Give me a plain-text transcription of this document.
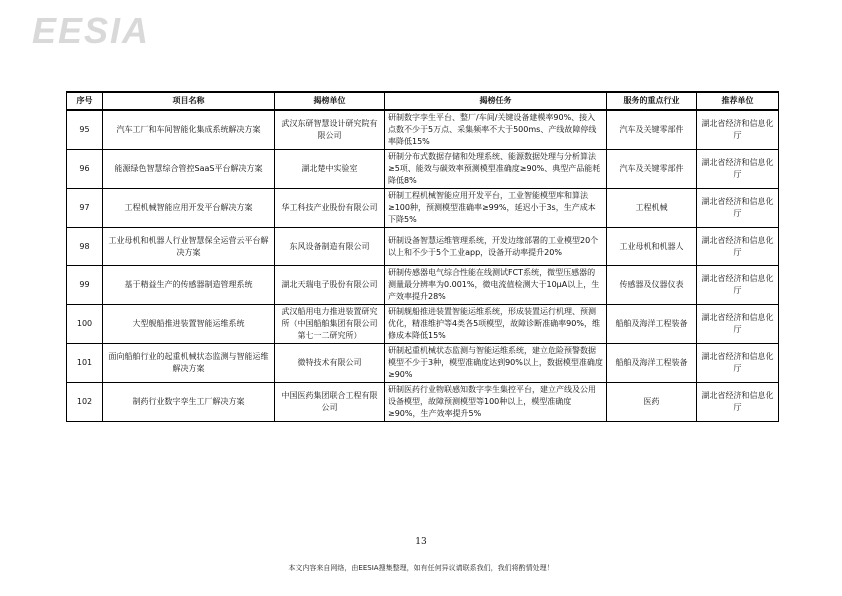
EESIA
序号	项目名称	揭榜单位	揭榜任务	服务的重点行业	推荐单位
95	汽车工厂和车间智能化集成系统解决方案	武汉东研智慧设计研究院有限公司	研制数字孪生平台、整厂/车间/关键设备建模率90%、接入点数不少于5万点、采集频率不大于500ms、产线故障停线率降低15%	汽车及关键零部件	湖北省经济和信息化厅
96	能源绿色智慧综合管控SaaS平台解决方案	湖北楚中实验室	研制分布式数据存储和处理系统、能源数据处理与分析算法≥5项、能效与碳效率预测模型准确度≥90%、典型产品能耗降低8%	汽车及关键零部件	湖北省经济和信息化厅
97	工程机械智能应用开发平台解决方案	华工科技产业股份有限公司	研制工程机械智能应用开发平台，工业智能模型库和算法≥100种，预测模型准确率≥99%，延迟小于3s，生产成本下降5%	工程机械	湖北省经济和信息化厅
98	工业母机和机器人行业智慧保全运营云平台解决方案	东风设备制造有限公司	研制设备智慧运维管理系统，开发边缘部署的工业模型20个以上和不少于5个工业app，设备开动率提升20%	工业母机和机器人	湖北省经济和信息化厅
99	基于精益生产的传感器制造管理系统	湖北天瑞电子股份有限公司	研制传感器电气综合性能在线测试FCT系统，微型压感器的测量最分辨率为0.001%，微电流值检测大于10μA以上，生产效率提升28%	传感器及仪器仪表	湖北省经济和信息化厅
100	大型舰船推进装置智能运维系统	武汉船用电力推进装置研究所（中国船舶集团有限公司第七一二研究所）	研制舰船推进装置智能运维系统，形成装置运行机理、预测优化，精准维护等4类各5项模型，故障诊断准确率90%，维修成本降低15%	船舶及海洋工程装备	湖北省经济和信息化厅
101	面向船舶行业的起重机械状态监测与智能运维解决方案	微特技术有限公司	研制起重机械状态监测与智能运维系统，建立危险预警数据模型不少于3种，模型准确度达到90%以上，数据模型准确度≥90%	船舶及海洋工程装备	湖北省经济和信息化厅
102	制药行业数字孪生工厂解决方案	中国医药集团联合工程有限公司	研制医药行业物联感知数字孪生集控平台，建立产线及公用设备模型，故障预测模型等100种以上，模型准确度≥90%，生产效率提升5%	医药	湖北省经济和信息化厅
13
本文内容来自网络，由EESIA搜集整理，如有任何异议请联系我们，我们将酌情处理！
